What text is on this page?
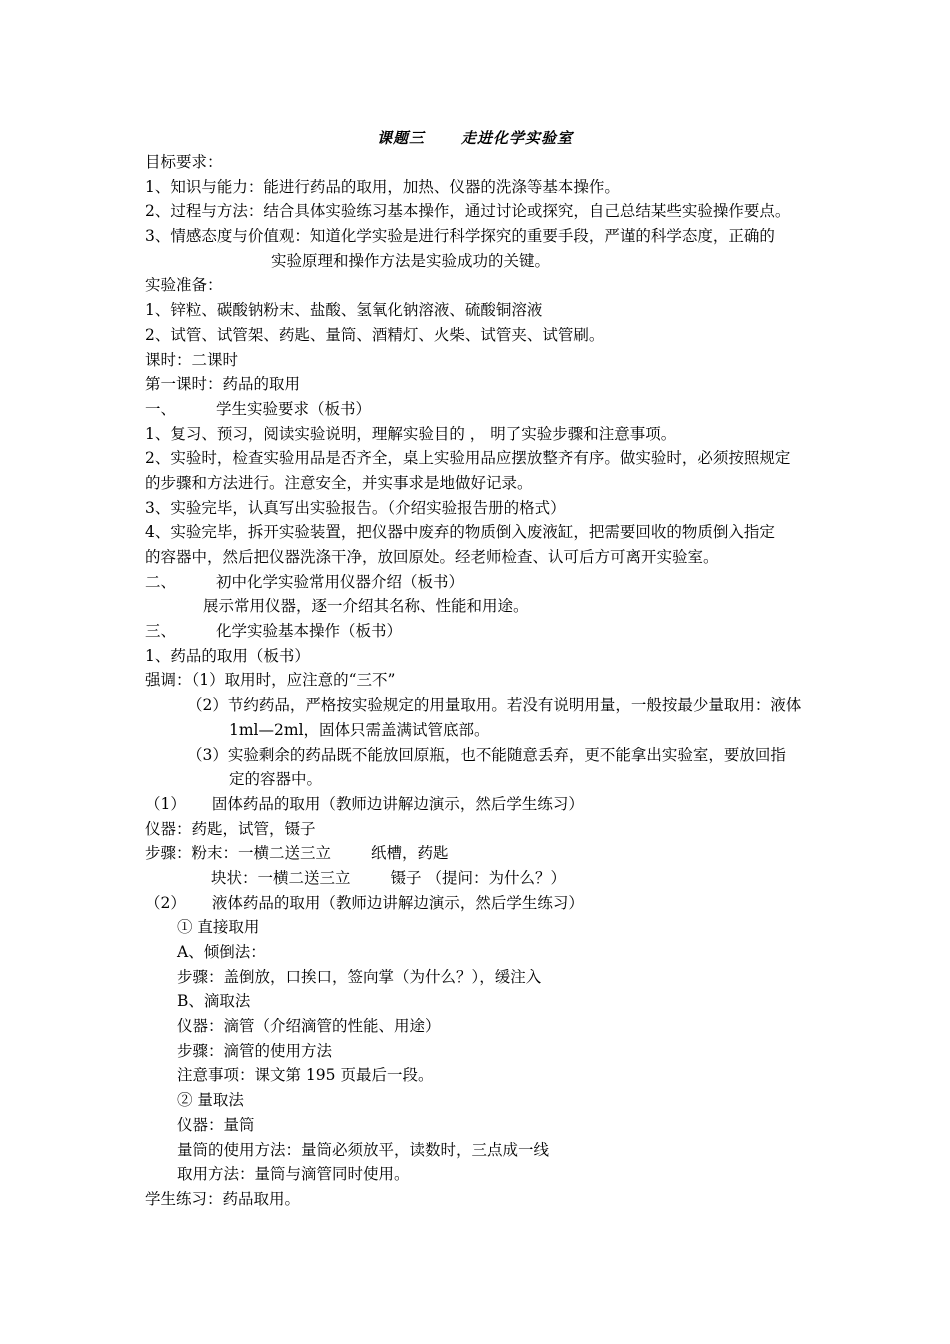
课题三 走进化学实验室
目标要求：
1、知识与能力：能进行药品的取用，加热、仪器的洗涤等基本操作。
2、过程与方法：结合具体实验练习基本操作，通过讨论或探究，自己总结某些实验操作要点。
3、情感态度与价值观：知道化学实验是进行科学探究的重要手段，严谨的科学态度，正确的
实验原理和操作方法是实验成功的关键。
实验准备：
1、锌粒、碳酸钠粉末、盐酸、氢氧化钠溶液、硫酸铜溶液
2、试管、试管架、药匙、量筒、酒精灯、火柴、试管夹、试管刷。
课时：二课时
第一课时：药品的取用
一、	学生实验要求（板书）
1、复习、预习，阅读实验说明，理解实验目的 ， 明了实验步骤和注意事项。
2、实验时，检查实验用品是否齐全，桌上实验用品应摆放整齐有序。做实验时，必须按照规定
的步骤和方法进行。注意安全，并实事求是地做好记录。
3、实验完毕，认真写出实验报告。（介绍实验报告册的格式）
4、实验完毕，拆开实验装置，把仪器中废弃的物质倒入废液缸，把需要回收的物质倒入指定
的容器中，然后把仪器洗涤干净，放回原处。经老师检查、认可后方可离开实验室。
二、	初中化学实验常用仪器介绍（板书）
展示常用仪器，逐一介绍其名称、性能和用途。
三、	化学实验基本操作（板书）
1、药品的取用（板书）
强调：（1）取用时，应注意的“三不”
（2）节约药品，严格按实验规定的用量取用。若没有说明用量，一般按最少量取用：液体
1ml—2ml，固体只需盖满试管底部。
（3）实验剩余的药品既不能放回原瓶，也不能随意丢弃，更不能拿出实验室，要放回指
定的容器中。
（1） 固体药品的取用（教师边讲解边演示，然后学生练习）
仪器：药匙，试管，镊子
步骤：粉末：一横二送三立	纸槽，药匙
块状：一横二送三立	镊子 （提问：为什么？）
（2） 液体药品的取用（教师边讲解边演示，然后学生练习）
① 直接取用
A、倾倒法：
步骤：盖倒放，口挨口，签向掌（为什么？），缓注入
B、滴取法
仪器：滴管（介绍滴管的性能、用途）
步骤：滴管的使用方法
注意事项：课文第 195 页最后一段。
② 量取法
仪器：量筒
量筒的使用方法：量筒必须放平，读数时，三点成一线
取用方法：量筒与滴管同时使用。
学生练习：药品取用。
